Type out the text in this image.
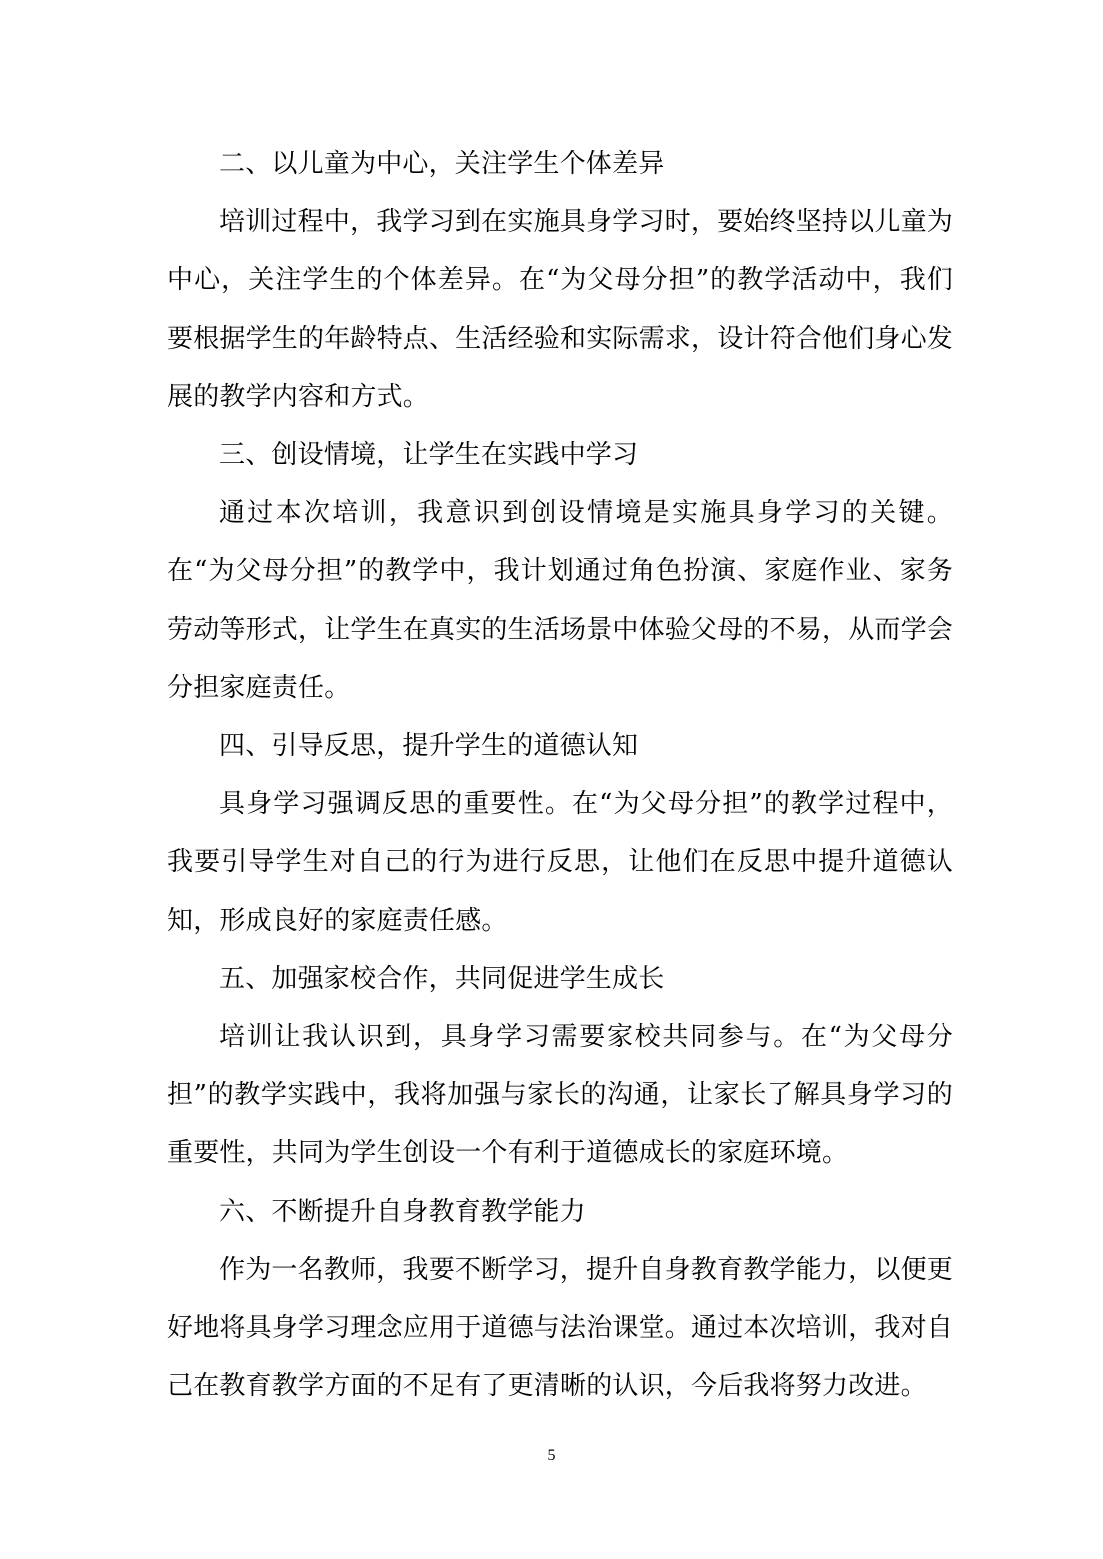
二、以儿童为中心，关注学生个体差异

培训过程中，我学习到在实施具身学习时，要始终坚持以儿童为中心，关注学生的个体差异。在“为父母分担”的教学活动中，我们要根据学生的年龄特点、生活经验和实际需求，设计符合他们身心发展的教学内容和方式。

三、创设情境，让学生在实践中学习

通过本次培训，我意识到创设情境是实施具身学习的关键。在“为父母分担”的教学中，我计划通过角色扮演、家庭作业、家务劳动等形式，让学生在真实的生活场景中体验父母的不易，从而学会分担家庭责任。

四、引导反思，提升学生的道德认知

具身学习强调反思的重要性。在“为父母分担”的教学过程中，我要引导学生对自己的行为进行反思，让他们在反思中提升道德认知，形成良好的家庭责任感。

五、加强家校合作，共同促进学生成长

培训让我认识到，具身学习需要家校共同参与。在“为父母分担”的教学实践中，我将加强与家长的沟通，让家长了解具身学习的重要性，共同为学生创设一个有利于道德成长的家庭环境。

六、不断提升自身教育教学能力

作为一名教师，我要不断学习，提升自身教育教学能力，以便更好地将具身学习理念应用于道德与法治课堂。通过本次培训，我对自己在教育教学方面的不足有了更清晰的认识，今后我将努力改进。

5
